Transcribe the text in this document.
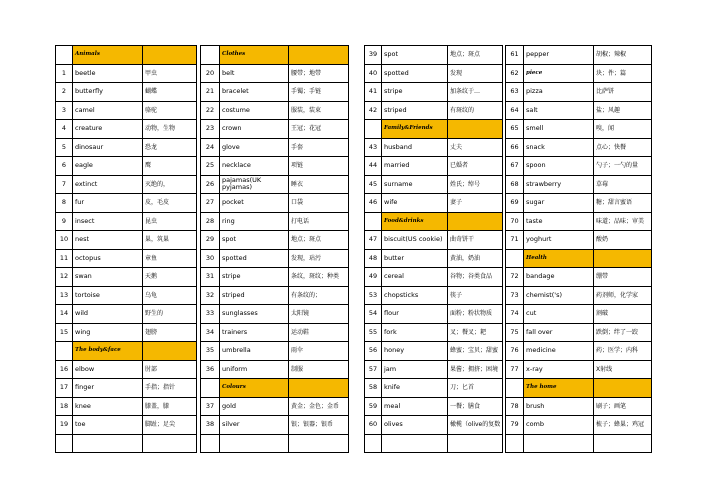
	Animals	
1	beetle	甲虫
2	butterfly	蝴蝶
3	camel	骆驼
4	creature	动物，生物
5	dinosaur	恐龙
6	eagle	鹰
7	extinct	灭绝的，
8	fur	皮，毛皮
9	insect	昆虫
10	nest	巢，筑巢
11	octopus	章鱼
12	swan	天鹅
13	tortoise	乌龟
14	wild	野生的
15	wing	翅膀
	The body&face	
16	elbow	肘部
17	finger	手指；指针
18	knee	膝盖，膝
19	toe	脚趾；足尖

	Clothes	
20	belt	腰带；地带
21	bracelet	手镯；手链
22	costume	服装，装束
23	crown	王冠；花冠
24	glove	手套
25	necklace	项链
26	pajamas(UK pyjamas)	睡衣
27	pocket	口袋
28	ring	打电话
29	spot	地点；斑点
30	spotted	发现，玷污
31	stripe	条纹，斑纹；种类
32	striped	有条纹的；
33	sunglasses	太阳镜
34	trainers	运动鞋
35	umbrella	雨伞
36	uniform	制服
	Colours	
37	gold	黄金；金色；金币
38	silver	银；银器；银币

39	spot	地点；斑点
40	spotted	发现
41	stripe	加条纹于…
42	striped	有斑纹的
	Family&Friends	
43	husband	丈夫
44	married	已婚者
45	surname	姓氏；绰号
46	wife	妻子
	Food&drinks	
47	biscuit(US cookie)	曲奇饼干
48	butter	黄油，奶油
49	cereal	谷物；谷类食品
53	chopsticks	筷子
54	flour	面粉；粉状物质
55	fork	叉；餐叉；耙
56	honey	蜂蜜；宝贝；甜蜜
57	jam	果酱；拥挤；困境
58	knife	刀；匕首
59	meal	一餐；膳食
60	olives	橄榄（olive的复数

61	pepper	胡椒；辣椒
62	piece	块；件；篇
63	pizza	比萨饼
64	salt	盐；风趣
65	smell	嗅，闻
66	snack	点心；快餐
67	spoon	勺子；一勺的量
68	strawberry	草莓
69	sugar	糖；甜言蜜语
70	taste	味道；品味；审美
71	yoghurt	酸奶
	Health	
72	bandage	绷带
73	chemist('s)	药剂师，化学家
74	cut	割破
75	fall over	跌倒；绊了一跤
76	medicine	药；医学；内科
77	x-ray	X射线
	The home	
78	brush	刷子；画笔
79	comb	梳子；蜂巢；鸡冠
